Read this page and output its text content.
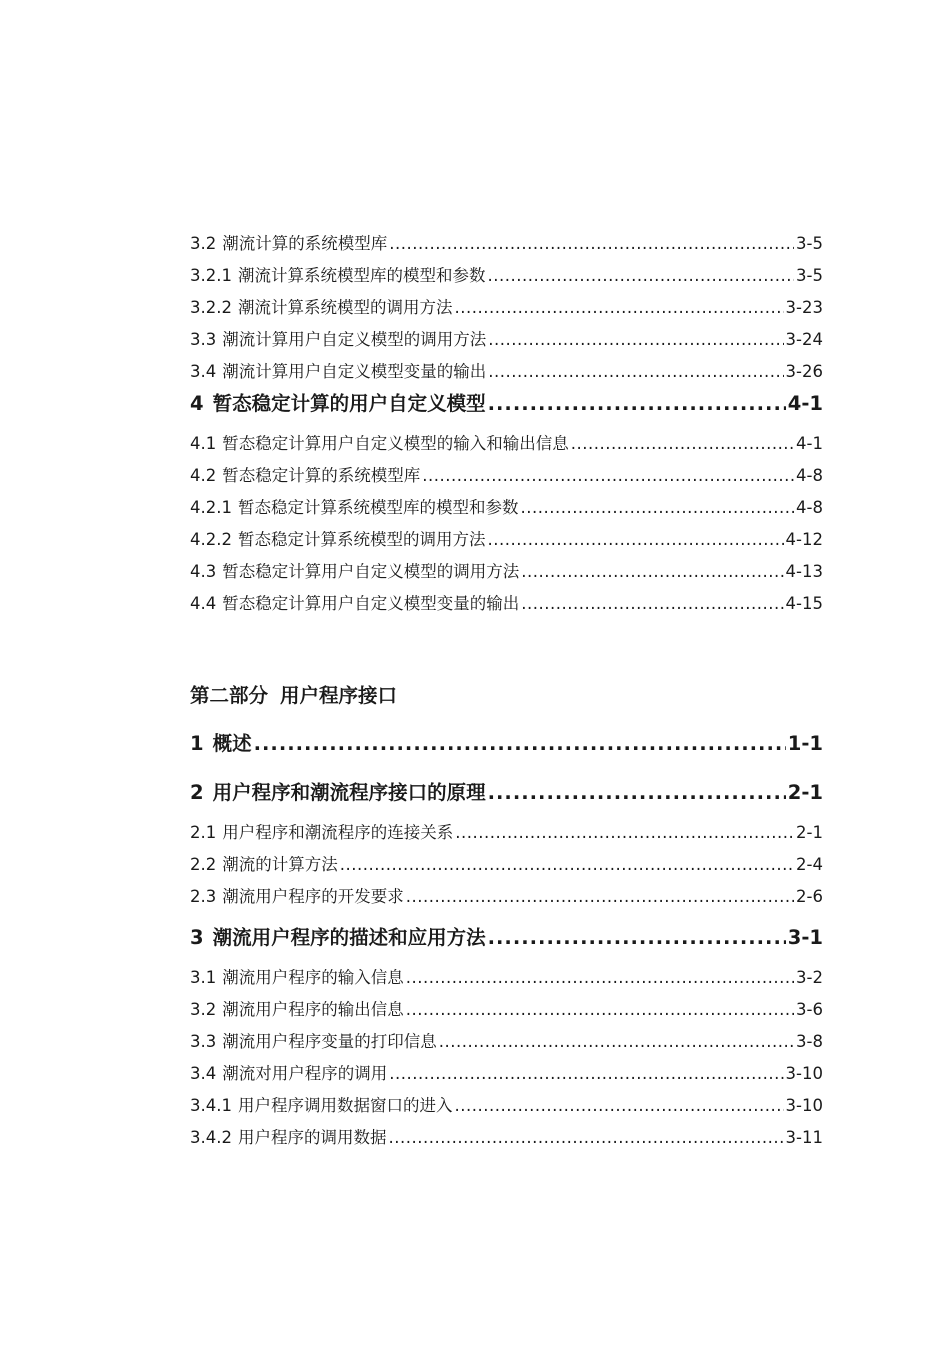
3.2 潮流计算的系统模型库 .....	3-5
3.2.1 潮流计算系统模型库的模型和参数 .....	3-5
3.2.2 潮流计算系统模型的调用方法 .....	3-23
3.3 潮流计算用户自定义模型的调用方法 .....	3-24
3.4 潮流计算用户自定义模型变量的输出 .....	3-26
4 暂态稳定计算的用户自定义模型 .....	4-1
4.1 暂态稳定计算用户自定义模型的输入和输出信息 .....	4-1
4.2 暂态稳定计算的系统模型库 .....	4-8
4.2.1 暂态稳定计算系统模型库的模型和参数 .....	4-8
4.2.2 暂态稳定计算系统模型的调用方法 .....	4-12
4.3 暂态稳定计算用户自定义模型的调用方法 .....	4-13
4.4 暂态稳定计算用户自定义模型变量的输出 .....	4-15
第二部分 用户程序接口
1 概述 .....	1-1
2 用户程序和潮流程序接口的原理 .....	2-1
2.1 用户程序和潮流程序的连接关系 .....	2-1
2.2 潮流的计算方法 .....	2-4
2.3 潮流用户程序的开发要求 .....	2-6
3 潮流用户程序的描述和应用方法 .....	3-1
3.1 潮流用户程序的输入信息 .....	3-2
3.2 潮流用户程序的输出信息 .....	3-6
3.3 潮流用户程序变量的打印信息 .....	3-8
3.4 潮流对用户程序的调用 .....	3-10
3.4.1 用户程序调用数据窗口的进入 .....	3-10
3.4.2 用户程序的调用数据 .....	3-11
